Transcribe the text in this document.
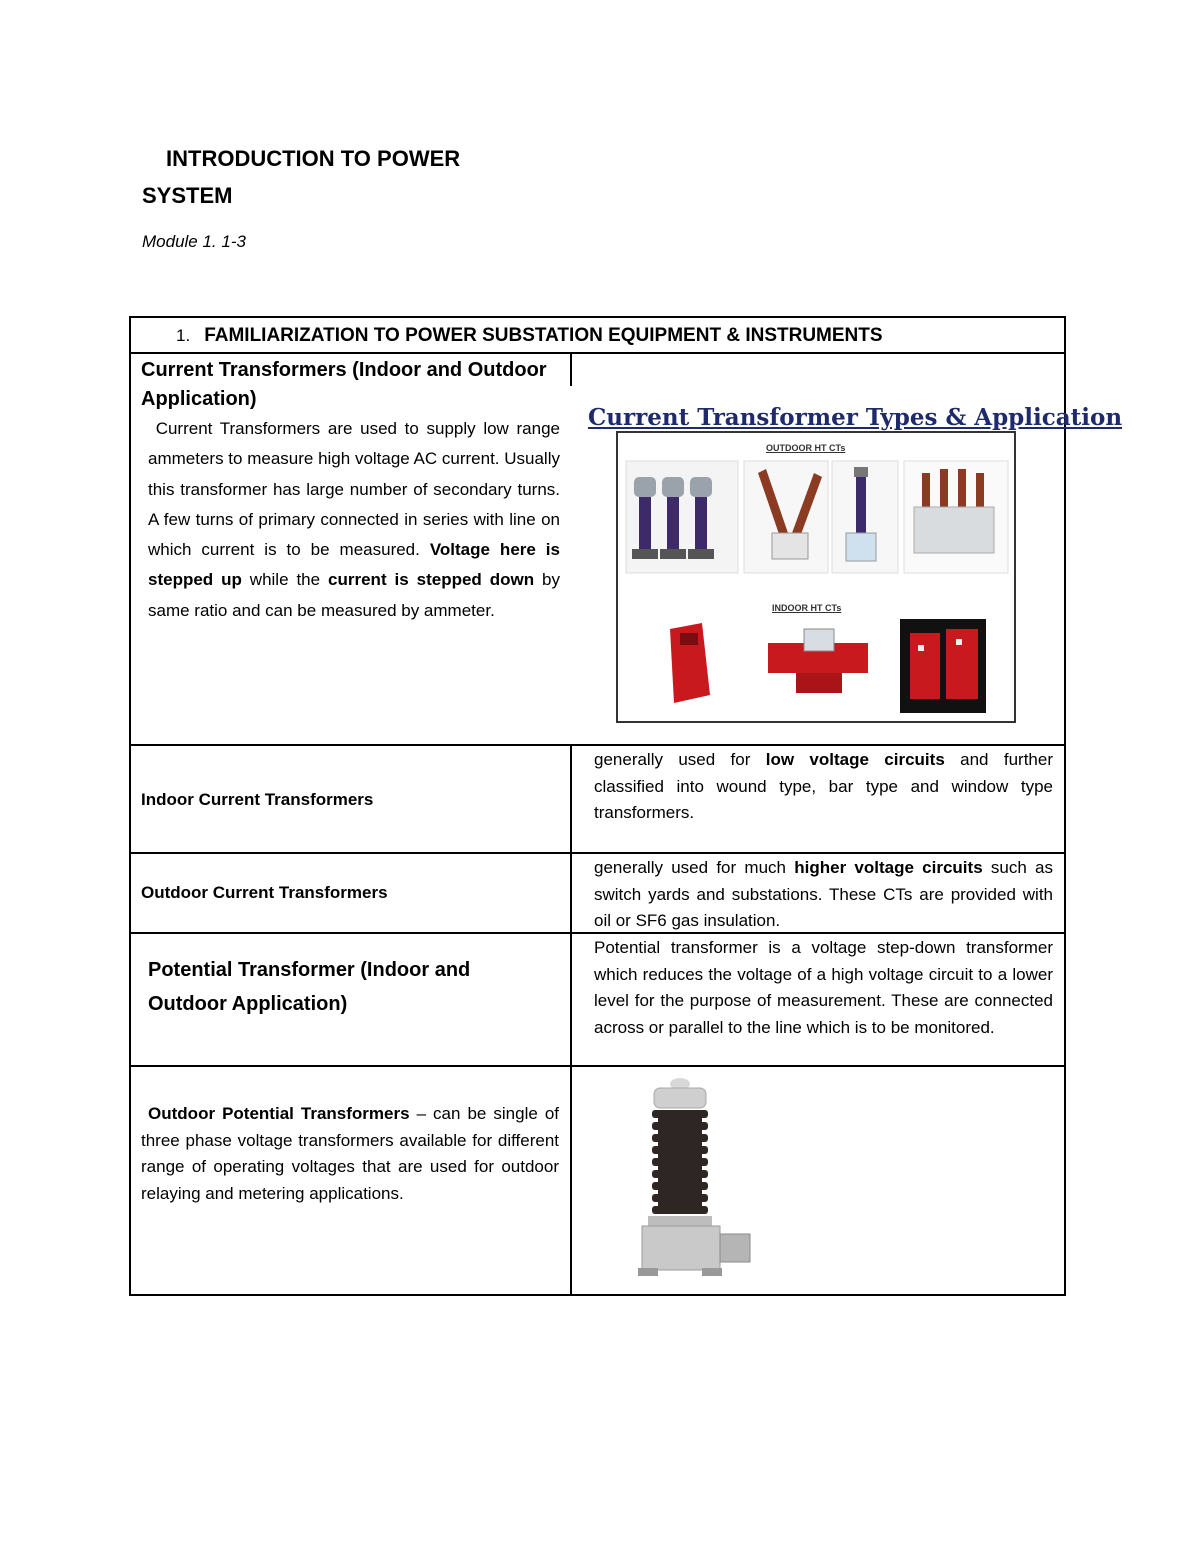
INTRODUCTION TO POWER
SYSTEM
Module 1. 1-3
1. FAMILIARIZATION TO POWER SUBSTATION EQUIPMENT & INSTRUMENTS
Current Transformers (Indoor and Outdoor Application)
Current Transformers are used to supply low range ammeters to measure high voltage AC current. Usually this transformer has large number of secondary turns. A few turns of primary connected in series with line on which current is to be measured. Voltage here is stepped up while the current is stepped down by same ratio and can be measured by ammeter.
Current Transformer Types & Application
OUTDOOR HT CTs
INDOOR HT CTs
Indoor Current Transformers
generally used for low voltage circuits and further classified into wound type, bar type and window type transformers.
Outdoor Current Transformers
generally used for much higher voltage circuits such as switch yards and substations. These CTs are provided with oil or SF6 gas insulation.
Potential Transformer (Indoor and Outdoor Application)
Potential transformer is a voltage step-down transformer which reduces the voltage of a high voltage circuit to a lower level for the purpose of measurement. These are connected across or parallel to the line which is to be monitored.
Outdoor Potential Transformers – can be single of three phase voltage transformers available for different range of operating voltages that are used for outdoor relaying and metering applications.
